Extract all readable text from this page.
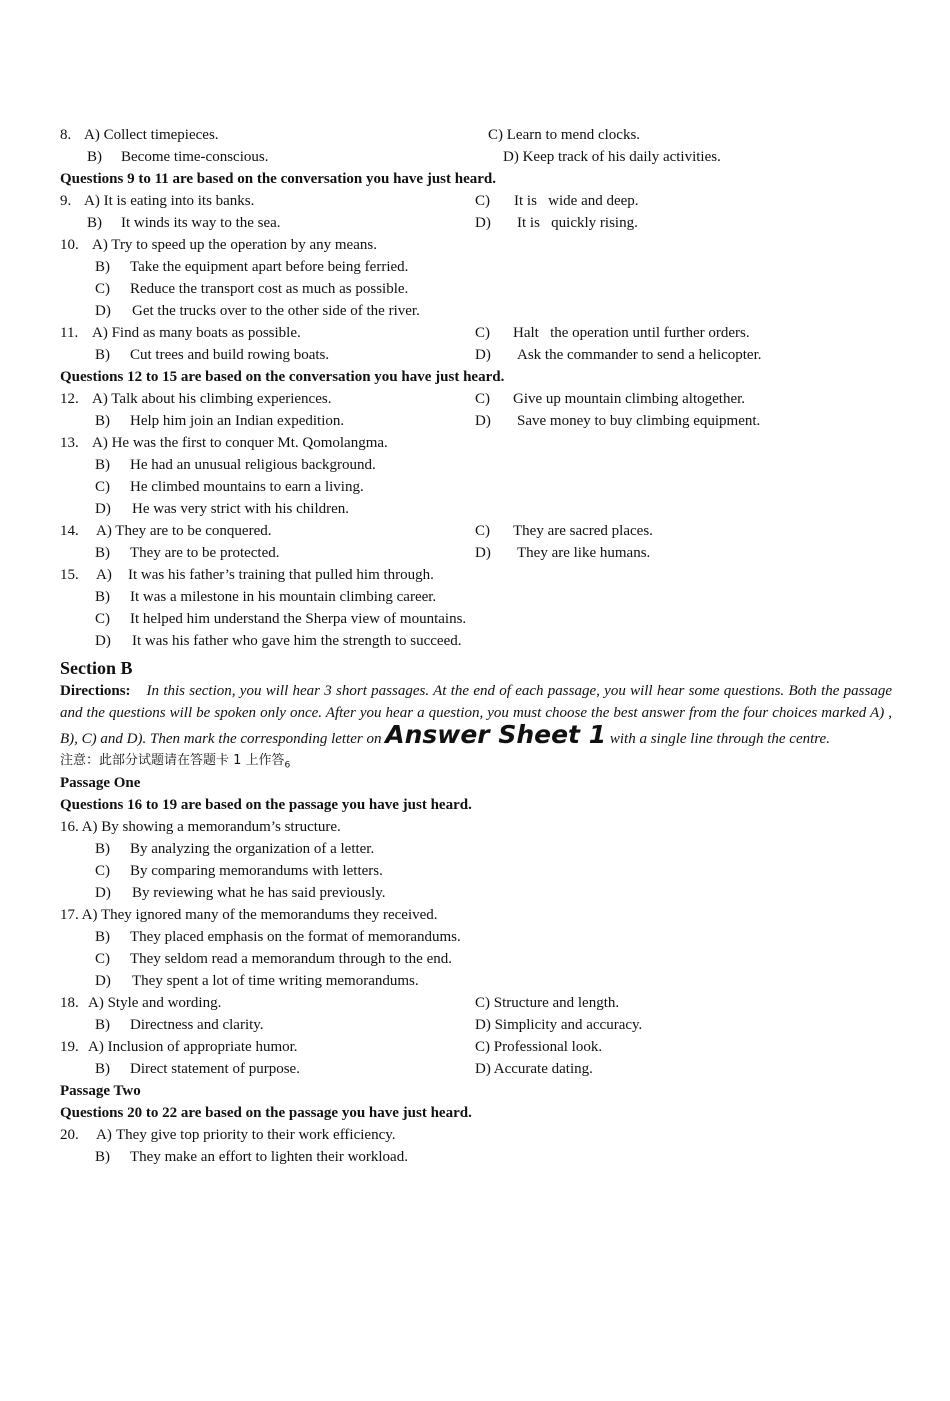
8. A) Collect timepieces.	C) Learn to mend clocks.
B) Become time-conscious.	D) Keep track of his daily activities.
Questions 9 to 11 are based on the conversation you have just heard.
9. A) It is eating into its banks.	C) It is   wide and deep.
B) It winds its way to the sea.	D) It is   quickly rising.
10. A) Try to speed up the operation by any means.
B) Take the equipment apart before being ferried.
C) Reduce the transport cost as much as possible.
D) Get the trucks over to the other side of the river.
11. A) Find as many boats as possible.	C) Halt   the operation until further orders.
B) Cut trees and build rowing boats.	D) Ask the commander to send a helicopter.
Questions 12 to 15 are based on the conversation you have just heard.
12. A) Talk about his climbing experiences.	C) Give up mountain climbing altogether.
B) Help him join an Indian expedition.	D) Save money to buy climbing equipment.
13. A) He was the first to conquer Mt. Qomolangma.
B) He had an unusual religious background.
C) He climbed mountains to earn a living.
D) He was very strict with his children.
14. A) They are to be conquered.	C) They are sacred places.
B) They are to be protected.	D) They are like humans.
15. A) It was his father’s training that pulled him through.
B) It was a milestone in his mountain climbing career.
C) It helped him understand the Sherpa view of mountains.
D) It was his father who gave him the strength to succeed.
Section B
Directions: In this section, you will hear 3 short passages. At the end of each passage, you will hear some questions. Both the passage and the questions will be spoken only once. After you hear a question, you must choose the best answer from the four choices marked A) , B), C) and D). Then mark the corresponding letter on Answer Sheet 1 with a single line through the centre.
注意：此部分试题请在答题卡 1 上作答$_6$
Passage One
Questions 16 to 19 are based on the passage you have just heard.
16. A) By showing a memorandum’s structure.
B) By analyzing the organization of a letter.
C) By comparing memorandums with letters.
D) By reviewing what he has said previously.
17. A) They ignored many of the memorandums they received.
B) They placed emphasis on the format of memorandums.
C) They seldom read a memorandum through to the end.
D) They spent a lot of time writing memorandums.
18. A) Style and wording.	C) Structure and length.
B) Directness and clarity.	D) Simplicity and accuracy.
19. A) Inclusion of appropriate humor.	C) Professional look.
B) Direct statement of purpose.	D) Accurate dating.
Passage Two
Questions 20 to 22 are based on the passage you have just heard.
20. A) They give top priority to their work efficiency.
B) They make an effort to lighten their workload.
